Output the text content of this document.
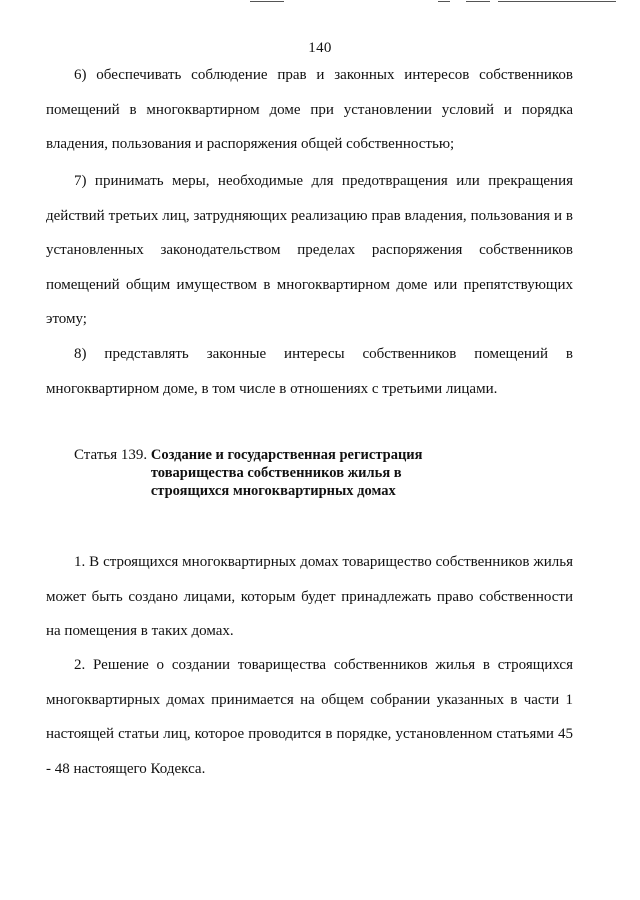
140

6) обеспечивать соблюдение прав и законных интересов собственников помещений в многоквартирном доме при установлении условий и порядка владения, пользования и распоряжения общей собственностью;

7) принимать меры, необходимые для предотвращения или прекращения действий третьих лиц, затрудняющих реализацию прав владения, пользования и в установленных законодательством пределах распоряжения собственников помещений общим имуществом в многоквартирном доме или препятствующих этому;

8) представлять законные интересы собственников помещений в многоквартирном доме, в том числе в отношениях с третьими лицами.

Статья 139. Создание и государственная регистрация
товарищества собственников жилья в
строящихся многоквартирных домах

1. В строящихся многоквартирных домах товарищество собственников жилья может быть создано лицами, которым будет принадлежать право собственности на помещения в таких домах.

2. Решение о создании товарищества собственников жилья в строящихся многоквартирных домах принимается на общем собрании указанных в части 1 настоящей статьи лиц, которое проводится в порядке, установленном статьями 45 - 48 настоящего Кодекса.
